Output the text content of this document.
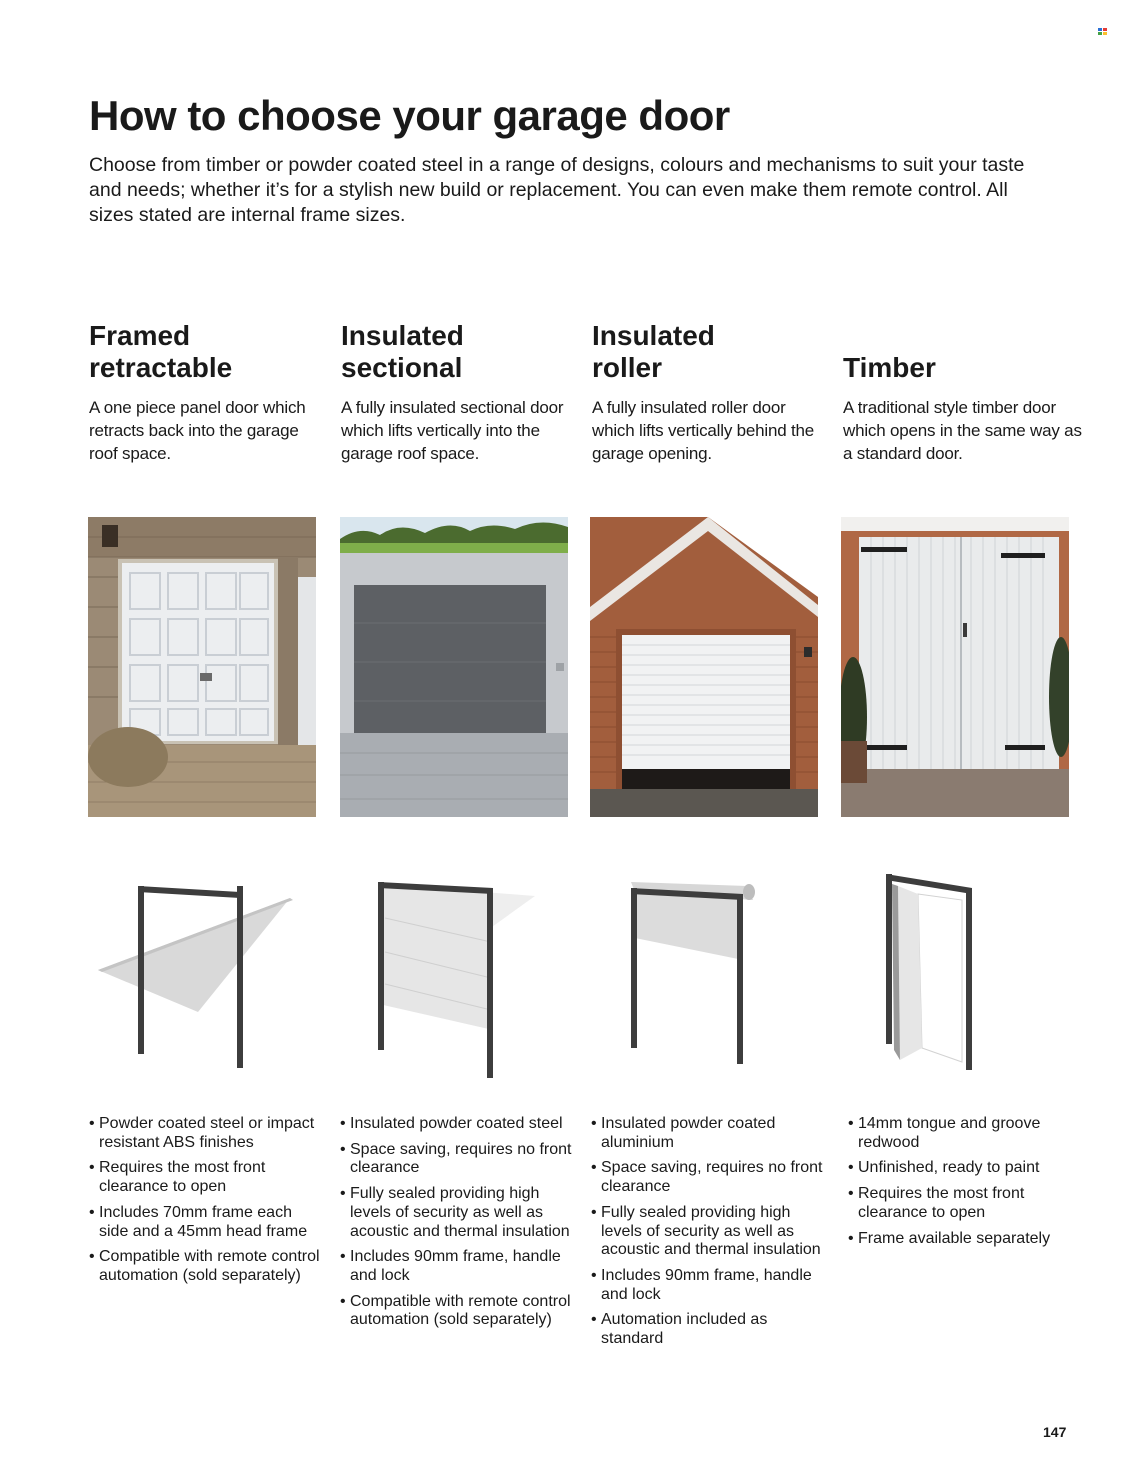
How to choose your garage door

Choose from timber or powder coated steel in a range of designs, colours and mechanisms to suit your taste and needs; whether it’s for a stylish new build or replacement. You can even make them remote control. All sizes stated are internal frame sizes.

Framed
retractable

A one piece panel door which retracts back into the garage roof space.

Insulated
sectional

A fully insulated sectional door which lifts vertically into the garage roof space.

Insulated
roller

A fully insulated roller door which lifts vertically behind the garage opening.

Timber

A traditional style timber door which opens in the same way as a standard door.

• Powder coated steel or impact resistant ABS finishes
• Requires the most front clearance to open
• Includes 70mm frame each side and a 45mm head frame
• Compatible with remote control automation (sold separately)
• Insulated powder coated steel
• Space saving, requires no front clearance
• Fully sealed providing high levels of security as well as acoustic and thermal insulation
• Includes 90mm frame, handle and lock
• Compatible with remote control automation (sold separately)
• Insulated powder coated aluminium
• Space saving, requires no front clearance
• Fully sealed providing high levels of security as well as acoustic and thermal insulation
• Includes 90mm frame, handle and lock
• Automation included as standard
• 14mm tongue and groove redwood
• Unfinished, ready to paint
• Requires the most front clearance to open
• Frame available separately
147
